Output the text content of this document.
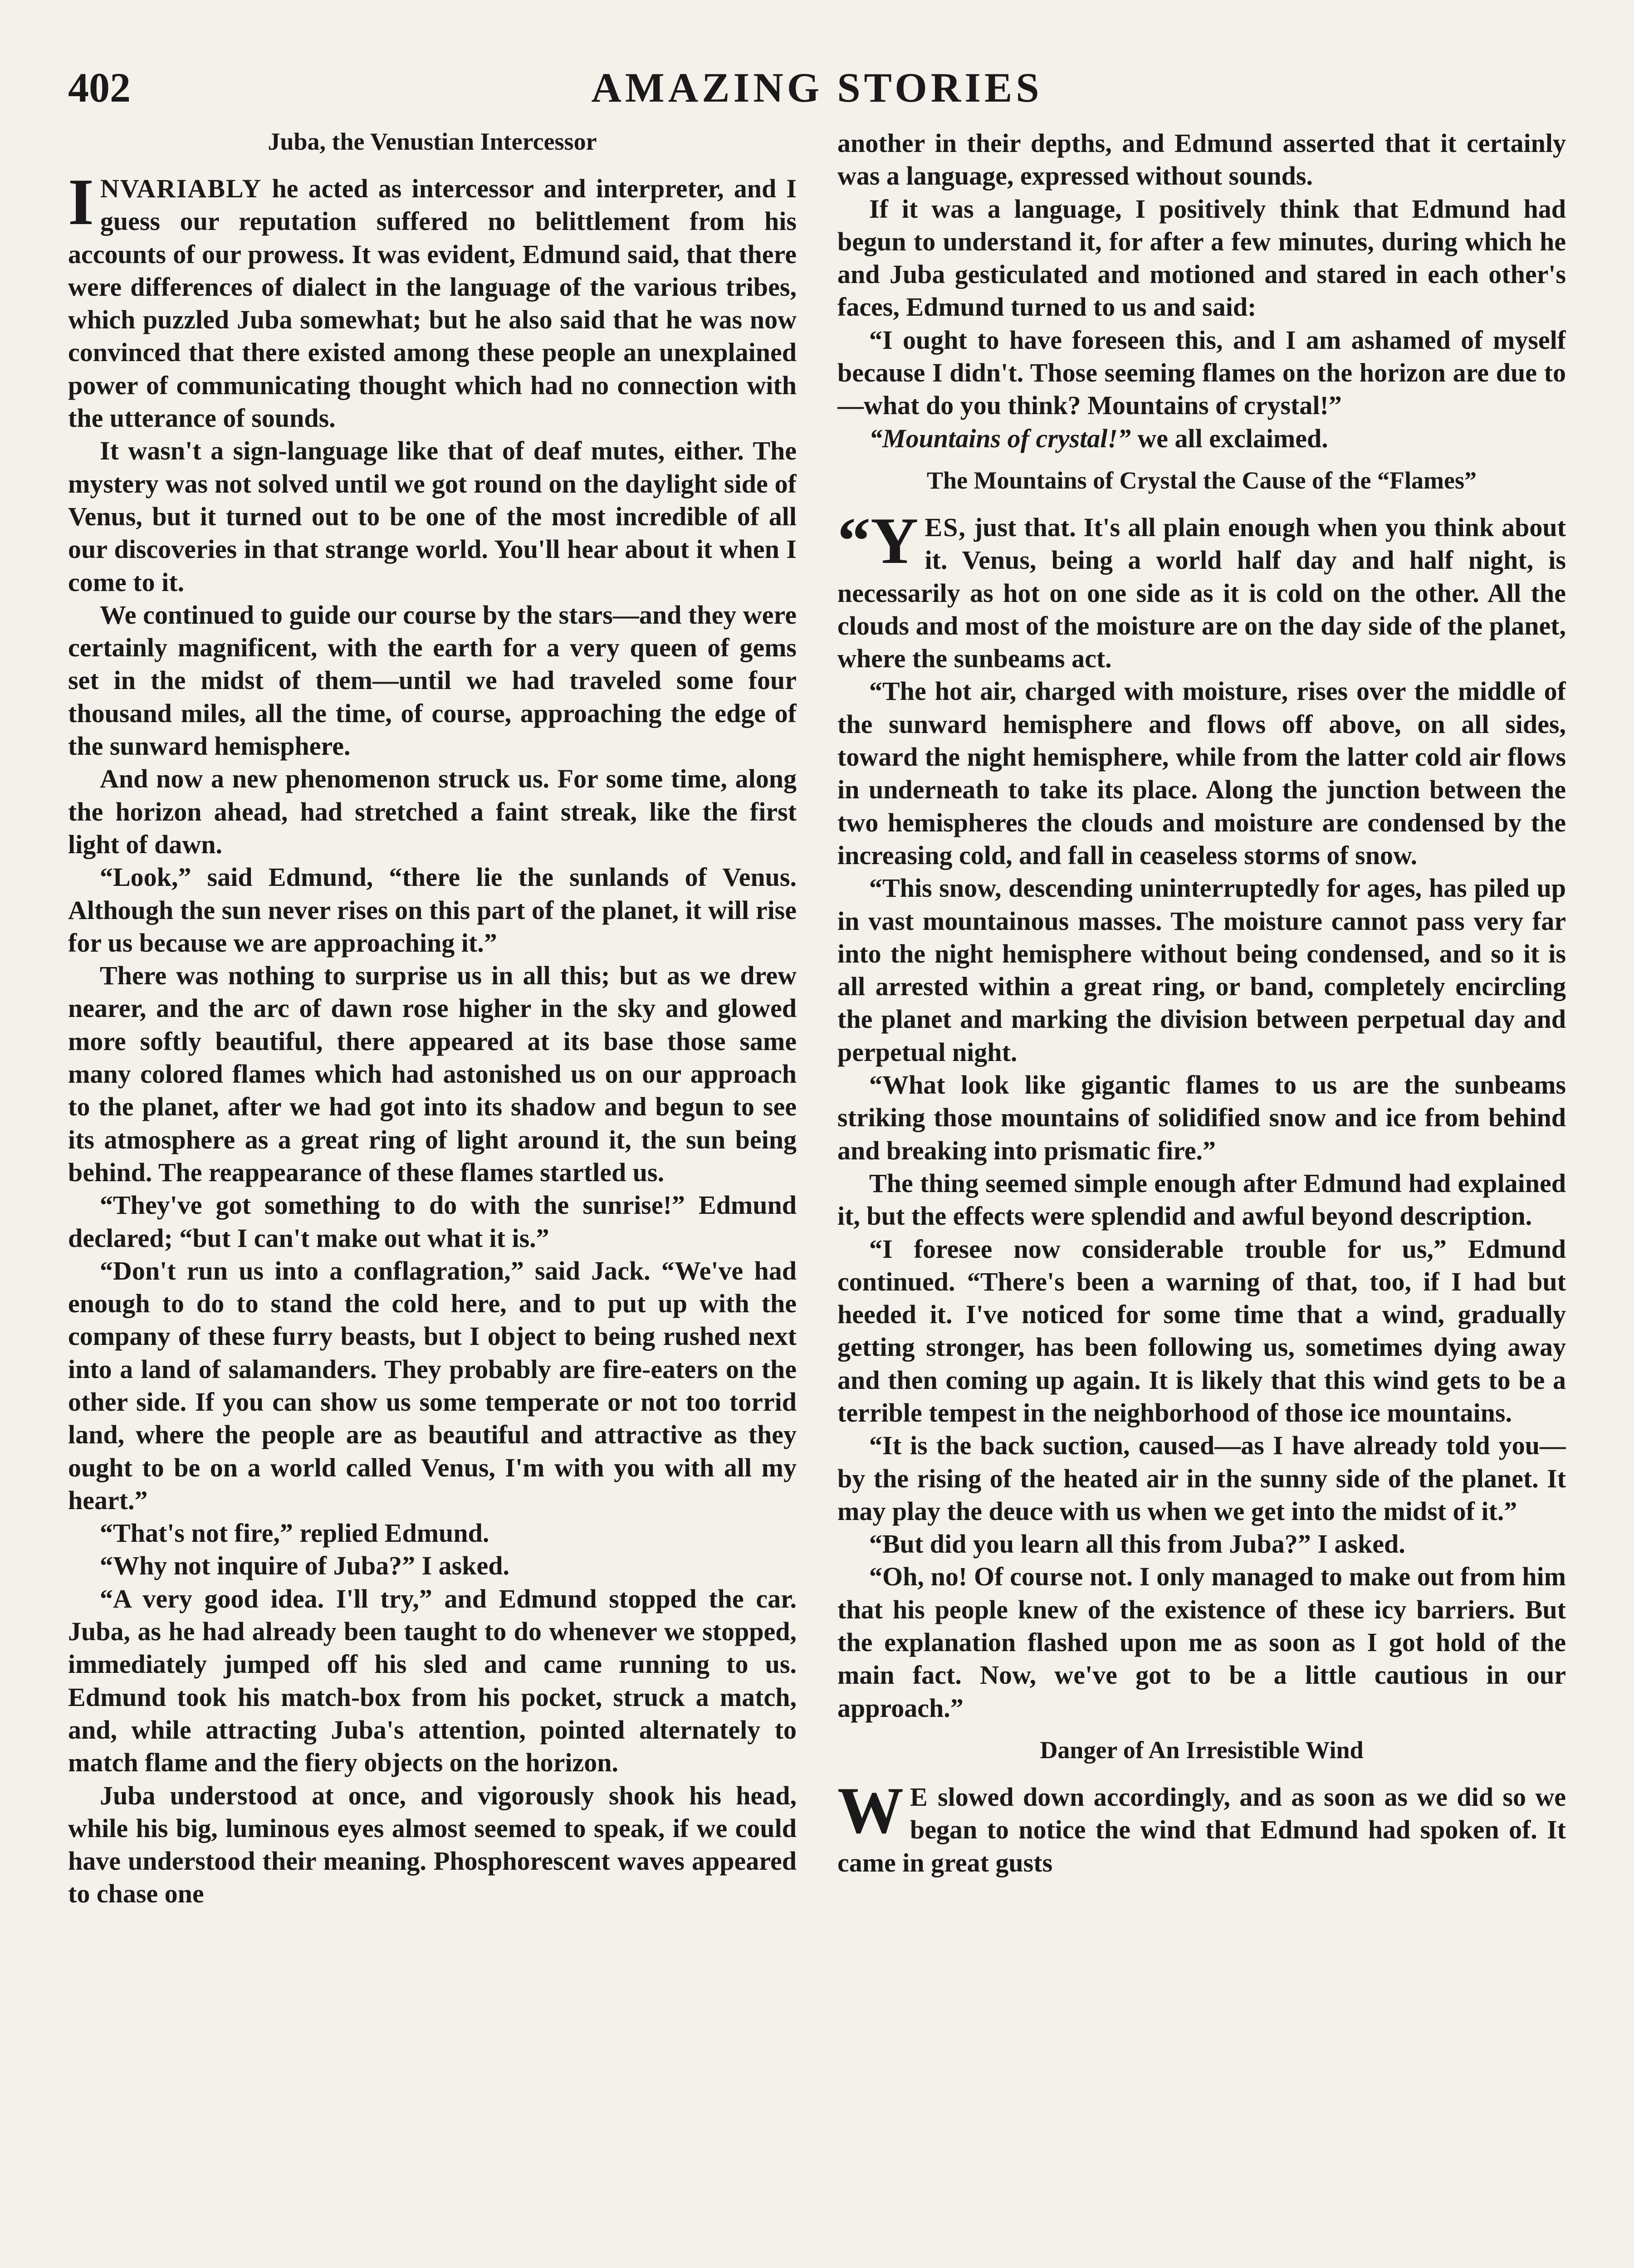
402	AMAZING STORIES
Juba, the Venustian Intercessor

INVARIABLY he acted as intercessor and interpreter, and I guess our reputation suffered no belittlement from his accounts of our prowess. It was evident, Edmund said, that there were differences of dialect in the language of the various tribes, which puzzled Juba somewhat; but he also said that he was now convinced that there existed among these people an unexplained power of communicating thought which had no connection with the utterance of sounds.

It wasn't a sign-language like that of deaf mutes, either. The mystery was not solved until we got round on the daylight side of Venus, but it turned out to be one of the most incredible of all our discoveries in that strange world. You'll hear about it when I come to it.

We continued to guide our course by the stars—and they were certainly magnificent, with the earth for a very queen of gems set in the midst of them—until we had traveled some four thousand miles, all the time, of course, approaching the edge of the sunward hemisphere.

And now a new phenomenon struck us. For some time, along the horizon ahead, had stretched a faint streak, like the first light of dawn.

“Look,” said Edmund, “there lie the sunlands of Venus. Although the sun never rises on this part of the planet, it will rise for us because we are approaching it.”

There was nothing to surprise us in all this; but as we drew nearer, and the arc of dawn rose higher in the sky and glowed more softly beautiful, there appeared at its base those same many colored flames which had astonished us on our approach to the planet, after we had got into its shadow and begun to see its atmosphere as a great ring of light around it, the sun being behind. The reappearance of these flames startled us.

“They've got something to do with the sunrise!” Edmund declared; “but I can't make out what it is.”

“Don't run us into a conflagration,” said Jack. “We've had enough to do to stand the cold here, and to put up with the company of these furry beasts, but I object to being rushed next into a land of salamanders. They probably are fire-eaters on the other side. If you can show us some temperate or not too torrid land, where the people are as beautiful and attractive as they ought to be on a world called Venus, I'm with you with all my heart.”

“That's not fire,” replied Edmund.

“Why not inquire of Juba?” I asked.

“A very good idea. I'll try,” and Edmund stopped the car. Juba, as he had already been taught to do whenever we stopped, immediately jumped off his sled and came running to us. Edmund took his match-box from his pocket, struck a match, and, while attracting Juba's attention, pointed alternately to match flame and the fiery objects on the horizon.

Juba understood at once, and vigorously shook his head, while his big, luminous eyes almost seemed to speak, if we could have understood their meaning. Phosphorescent waves appeared to chase one

another in their depths, and Edmund asserted that it certainly was a language, expressed without sounds.

If it was a language, I positively think that Edmund had begun to understand it, for after a few minutes, during which he and Juba gesticulated and motioned and stared in each other's faces, Edmund turned to us and said:

“I ought to have foreseen this, and I am ashamed of myself because I didn't. Those seeming flames on the horizon are due to—what do you think? Mountains of crystal!”

“Mountains of crystal!” we all exclaimed.

The Mountains of Crystal the Cause of the “Flames”

“YES, just that. It's all plain enough when you think about it. Venus, being a world half day and half night, is necessarily as hot on one side as it is cold on the other. All the clouds and most of the moisture are on the day side of the planet, where the sunbeams act.

“The hot air, charged with moisture, rises over the middle of the sunward hemisphere and flows off above, on all sides, toward the night hemisphere, while from the latter cold air flows in underneath to take its place. Along the junction between the two hemispheres the clouds and moisture are condensed by the increasing cold, and fall in ceaseless storms of snow.

“This snow, descending uninterruptedly for ages, has piled up in vast mountainous masses. The moisture cannot pass very far into the night hemisphere without being condensed, and so it is all arrested within a great ring, or band, completely encircling the planet and marking the division between perpetual day and perpetual night.

“What look like gigantic flames to us are the sunbeams striking those mountains of solidified snow and ice from behind and breaking into prismatic fire.”

The thing seemed simple enough after Edmund had explained it, but the effects were splendid and awful beyond description.

“I foresee now considerable trouble for us,” Edmund continued. “There's been a warning of that, too, if I had but heeded it. I've noticed for some time that a wind, gradually getting stronger, has been following us, sometimes dying away and then coming up again. It is likely that this wind gets to be a terrible tempest in the neighborhood of those ice mountains.

“It is the back suction, caused—as I have already told you—by the rising of the heated air in the sunny side of the planet. It may play the deuce with us when we get into the midst of it.”

“But did you learn all this from Juba?” I asked.

“Oh, no! Of course not. I only managed to make out from him that his people knew of the existence of these icy barriers. But the explanation flashed upon me as soon as I got hold of the main fact. Now, we've got to be a little cautious in our approach.”

Danger of An Irresistible Wind

W E slowed down accordingly, and as soon as we did so we began to notice the wind that Edmund had spoken of. It came in great gusts
